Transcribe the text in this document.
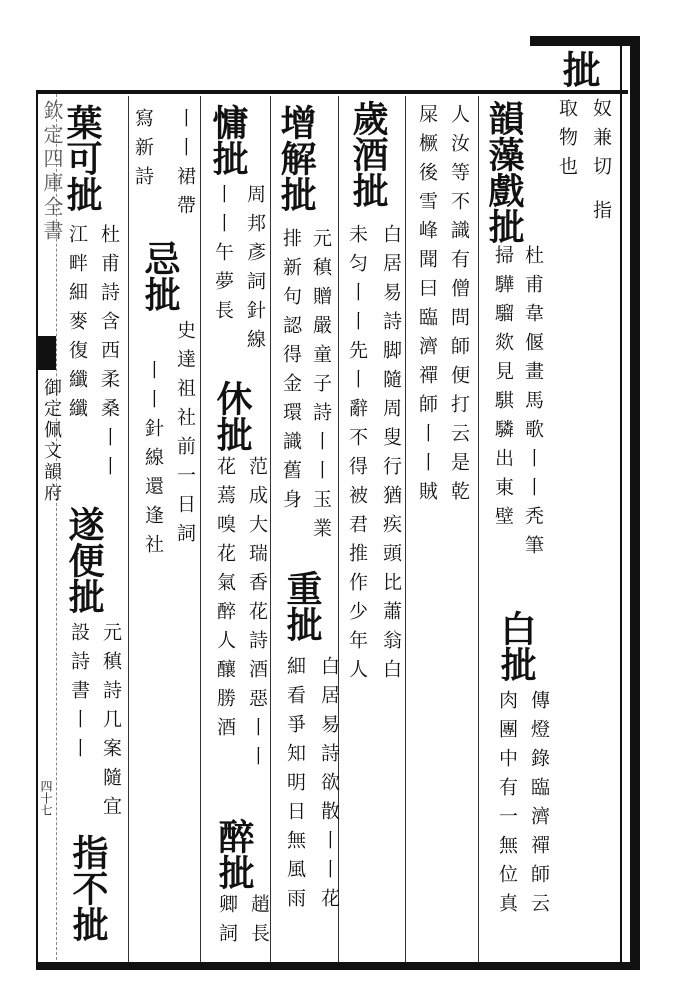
欽定四庫全書
御定佩文韻府
四十七
㧗
奴兼切
指
取物也
韻藻戲㧗
杜甫韋偃畫馬歌丨丨秃筆
掃驊騮欻見騏驎出東壁
白㧗
傳燈錄臨濟禪師云
肉團中有一無位真
人汝等不識有僧問師便打云是乾
屎橛後雪峰聞曰臨濟禪師丨丨賊
歲酒㧗
白居易詩脚隨周叟行猶疾頭比蕭翁白
未匀丨丨先丨辭不得被君推作少年人
重㧗
白居易詩欲散丨丨花
細看爭知明日無風雨
增解㧗
元稹贈嚴童子詩丨丨玉業
排新句認得金環識舊身
休㧗
范成大瑞香花詩酒惡丨丨
花蔫嗅花氣醉人釀勝酒
醉㧗
趙長
卿詞
慵㧗
周邦彥詞針線
丨丨午夢長
丨丨裙帶
忌㧗
史達祖社前一日詞
丨丨針線還逢社
寫新詩
葉可㧗
杜甫詩含西柔桑丨丨
江畔細麥復纖纖
遂便㧗
元稹詩几案隨宜
設詩書丨丨
指不㧗
